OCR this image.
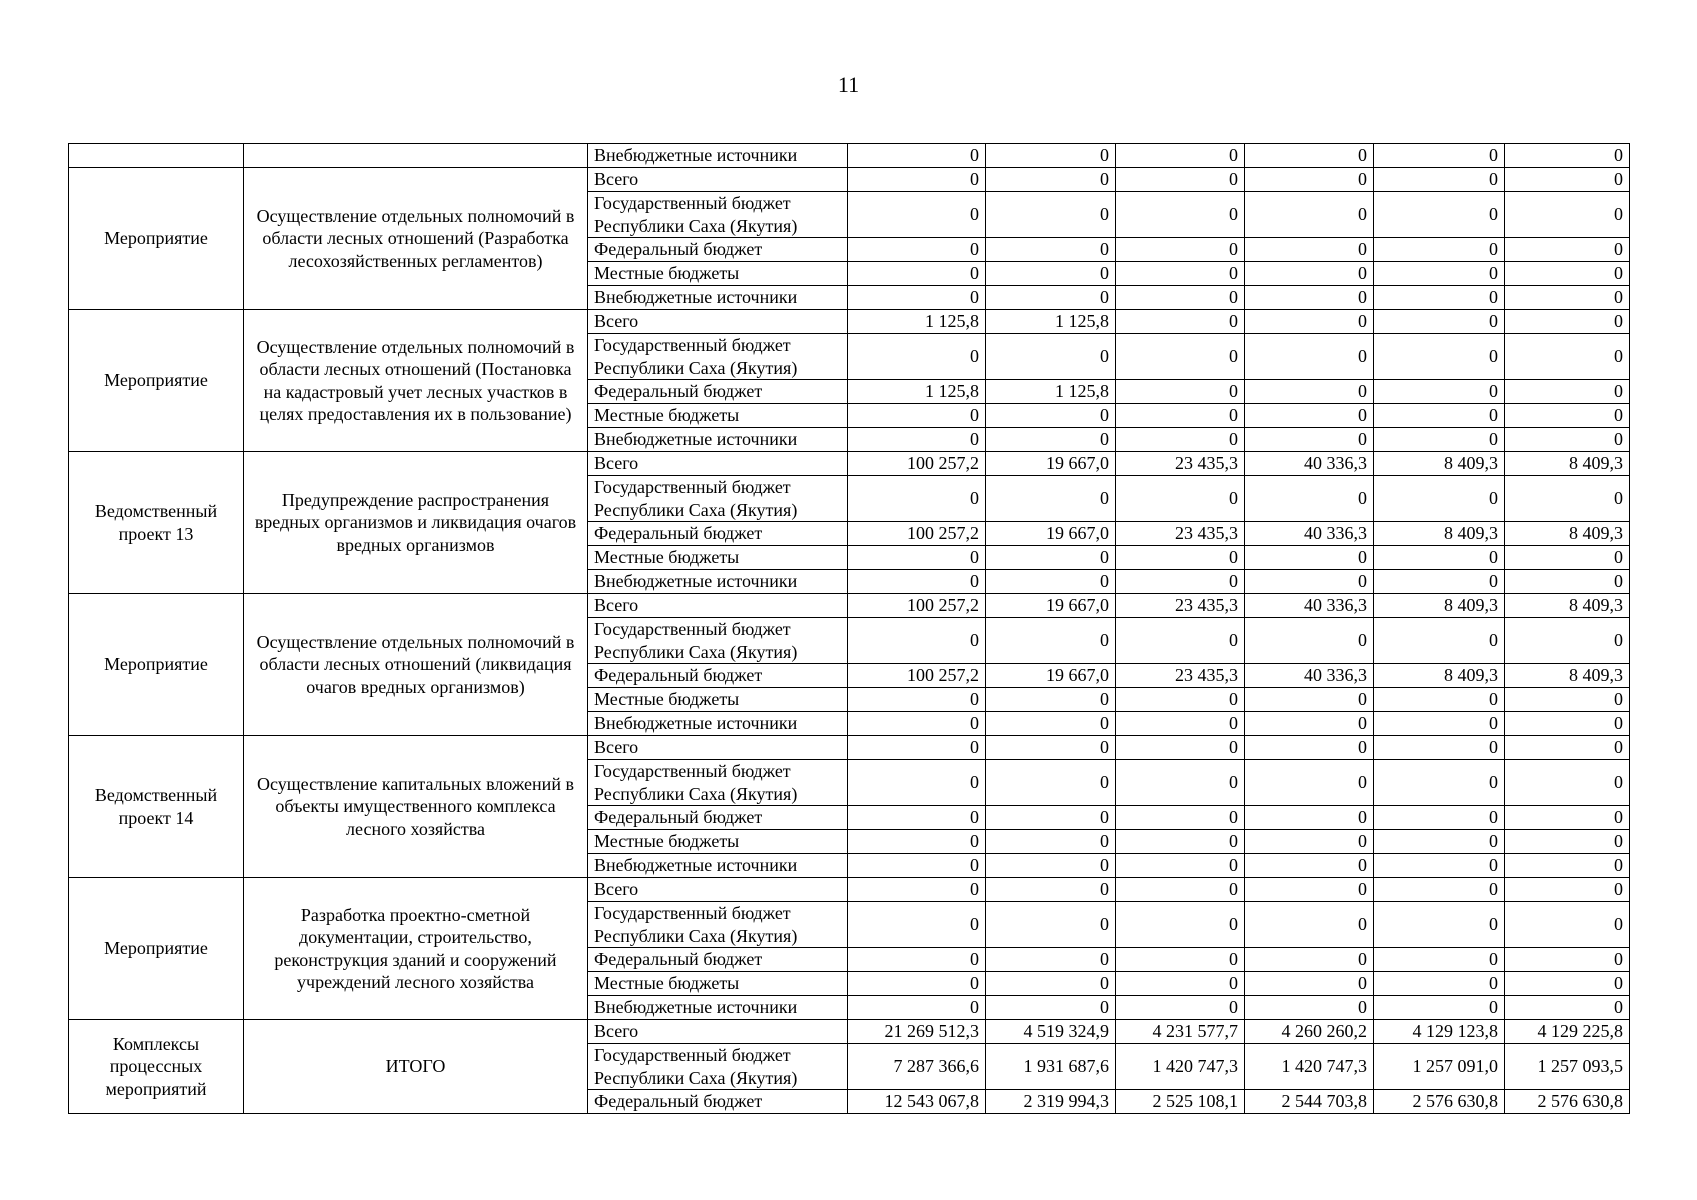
11
		Внебюджетные источники	0	0	0	0	0	0
Мероприятие	Осуществление отдельных полномочий в области лесных отношений (Разработка лесохозяйственных регламентов)	Всего	0	0	0	0	0	0
		Государственный бюджет Республики Саха (Якутия)	0	0	0	0	0	0
		Федеральный бюджет	0	0	0	0	0	0
		Местные бюджеты	0	0	0	0	0	0
		Внебюджетные источники	0	0	0	0	0	0
Мероприятие	Осуществление отдельных полномочий в области лесных отношений (Постановка на кадастровый учет лесных участков в целях предоставления их в пользование)	Всего	1 125,8	1 125,8	0	0	0	0
		Государственный бюджет Республики Саха (Якутия)	0	0	0	0	0	0
		Федеральный бюджет	1 125,8	1 125,8	0	0	0	0
		Местные бюджеты	0	0	0	0	0	0
		Внебюджетные источники	0	0	0	0	0	0
Ведомственный проект 13	Предупреждение распространения вредных организмов и ликвидация очагов вредных организмов	Всего	100 257,2	19 667,0	23 435,3	40 336,3	8 409,3	8 409,3
		Государственный бюджет Республики Саха (Якутия)	0	0	0	0	0	0
		Федеральный бюджет	100 257,2	19 667,0	23 435,3	40 336,3	8 409,3	8 409,3
		Местные бюджеты	0	0	0	0	0	0
		Внебюджетные источники	0	0	0	0	0	0
Мероприятие	Осуществление отдельных полномочий в области лесных отношений (ликвидация очагов вредных организмов)	Всего	100 257,2	19 667,0	23 435,3	40 336,3	8 409,3	8 409,3
		Государственный бюджет Республики Саха (Якутия)	0	0	0	0	0	0
		Федеральный бюджет	100 257,2	19 667,0	23 435,3	40 336,3	8 409,3	8 409,3
		Местные бюджеты	0	0	0	0	0	0
		Внебюджетные источники	0	0	0	0	0	0
Ведомственный проект 14	Осуществление капитальных вложений в объекты имущественного комплекса лесного хозяйства	Всего	0	0	0	0	0	0
		Государственный бюджет Республики Саха (Якутия)	0	0	0	0	0	0
		Федеральный бюджет	0	0	0	0	0	0
		Местные бюджеты	0	0	0	0	0	0
		Внебюджетные источники	0	0	0	0	0	0
Мероприятие	Разработка проектно-сметной документации, строительство, реконструкция зданий и сооружений учреждений лесного хозяйства	Всего	0	0	0	0	0	0
		Государственный бюджет Республики Саха (Якутия)	0	0	0	0	0	0
		Федеральный бюджет	0	0	0	0	0	0
		Местные бюджеты	0	0	0	0	0	0
		Внебюджетные источники	0	0	0	0	0	0
Комплексы процессных мероприятий	ИТОГО	Всего	21 269 512,3	4 519 324,9	4 231 577,7	4 260 260,2	4 129 123,8	4 129 225,8
		Государственный бюджет Республики Саха (Якутия)	7 287 366,6	1 931 687,6	1 420 747,3	1 420 747,3	1 257 091,0	1 257 093,5
		Федеральный бюджет	12 543 067,8	2 319 994,3	2 525 108,1	2 544 703,8	2 576 630,8	2 576 630,8
